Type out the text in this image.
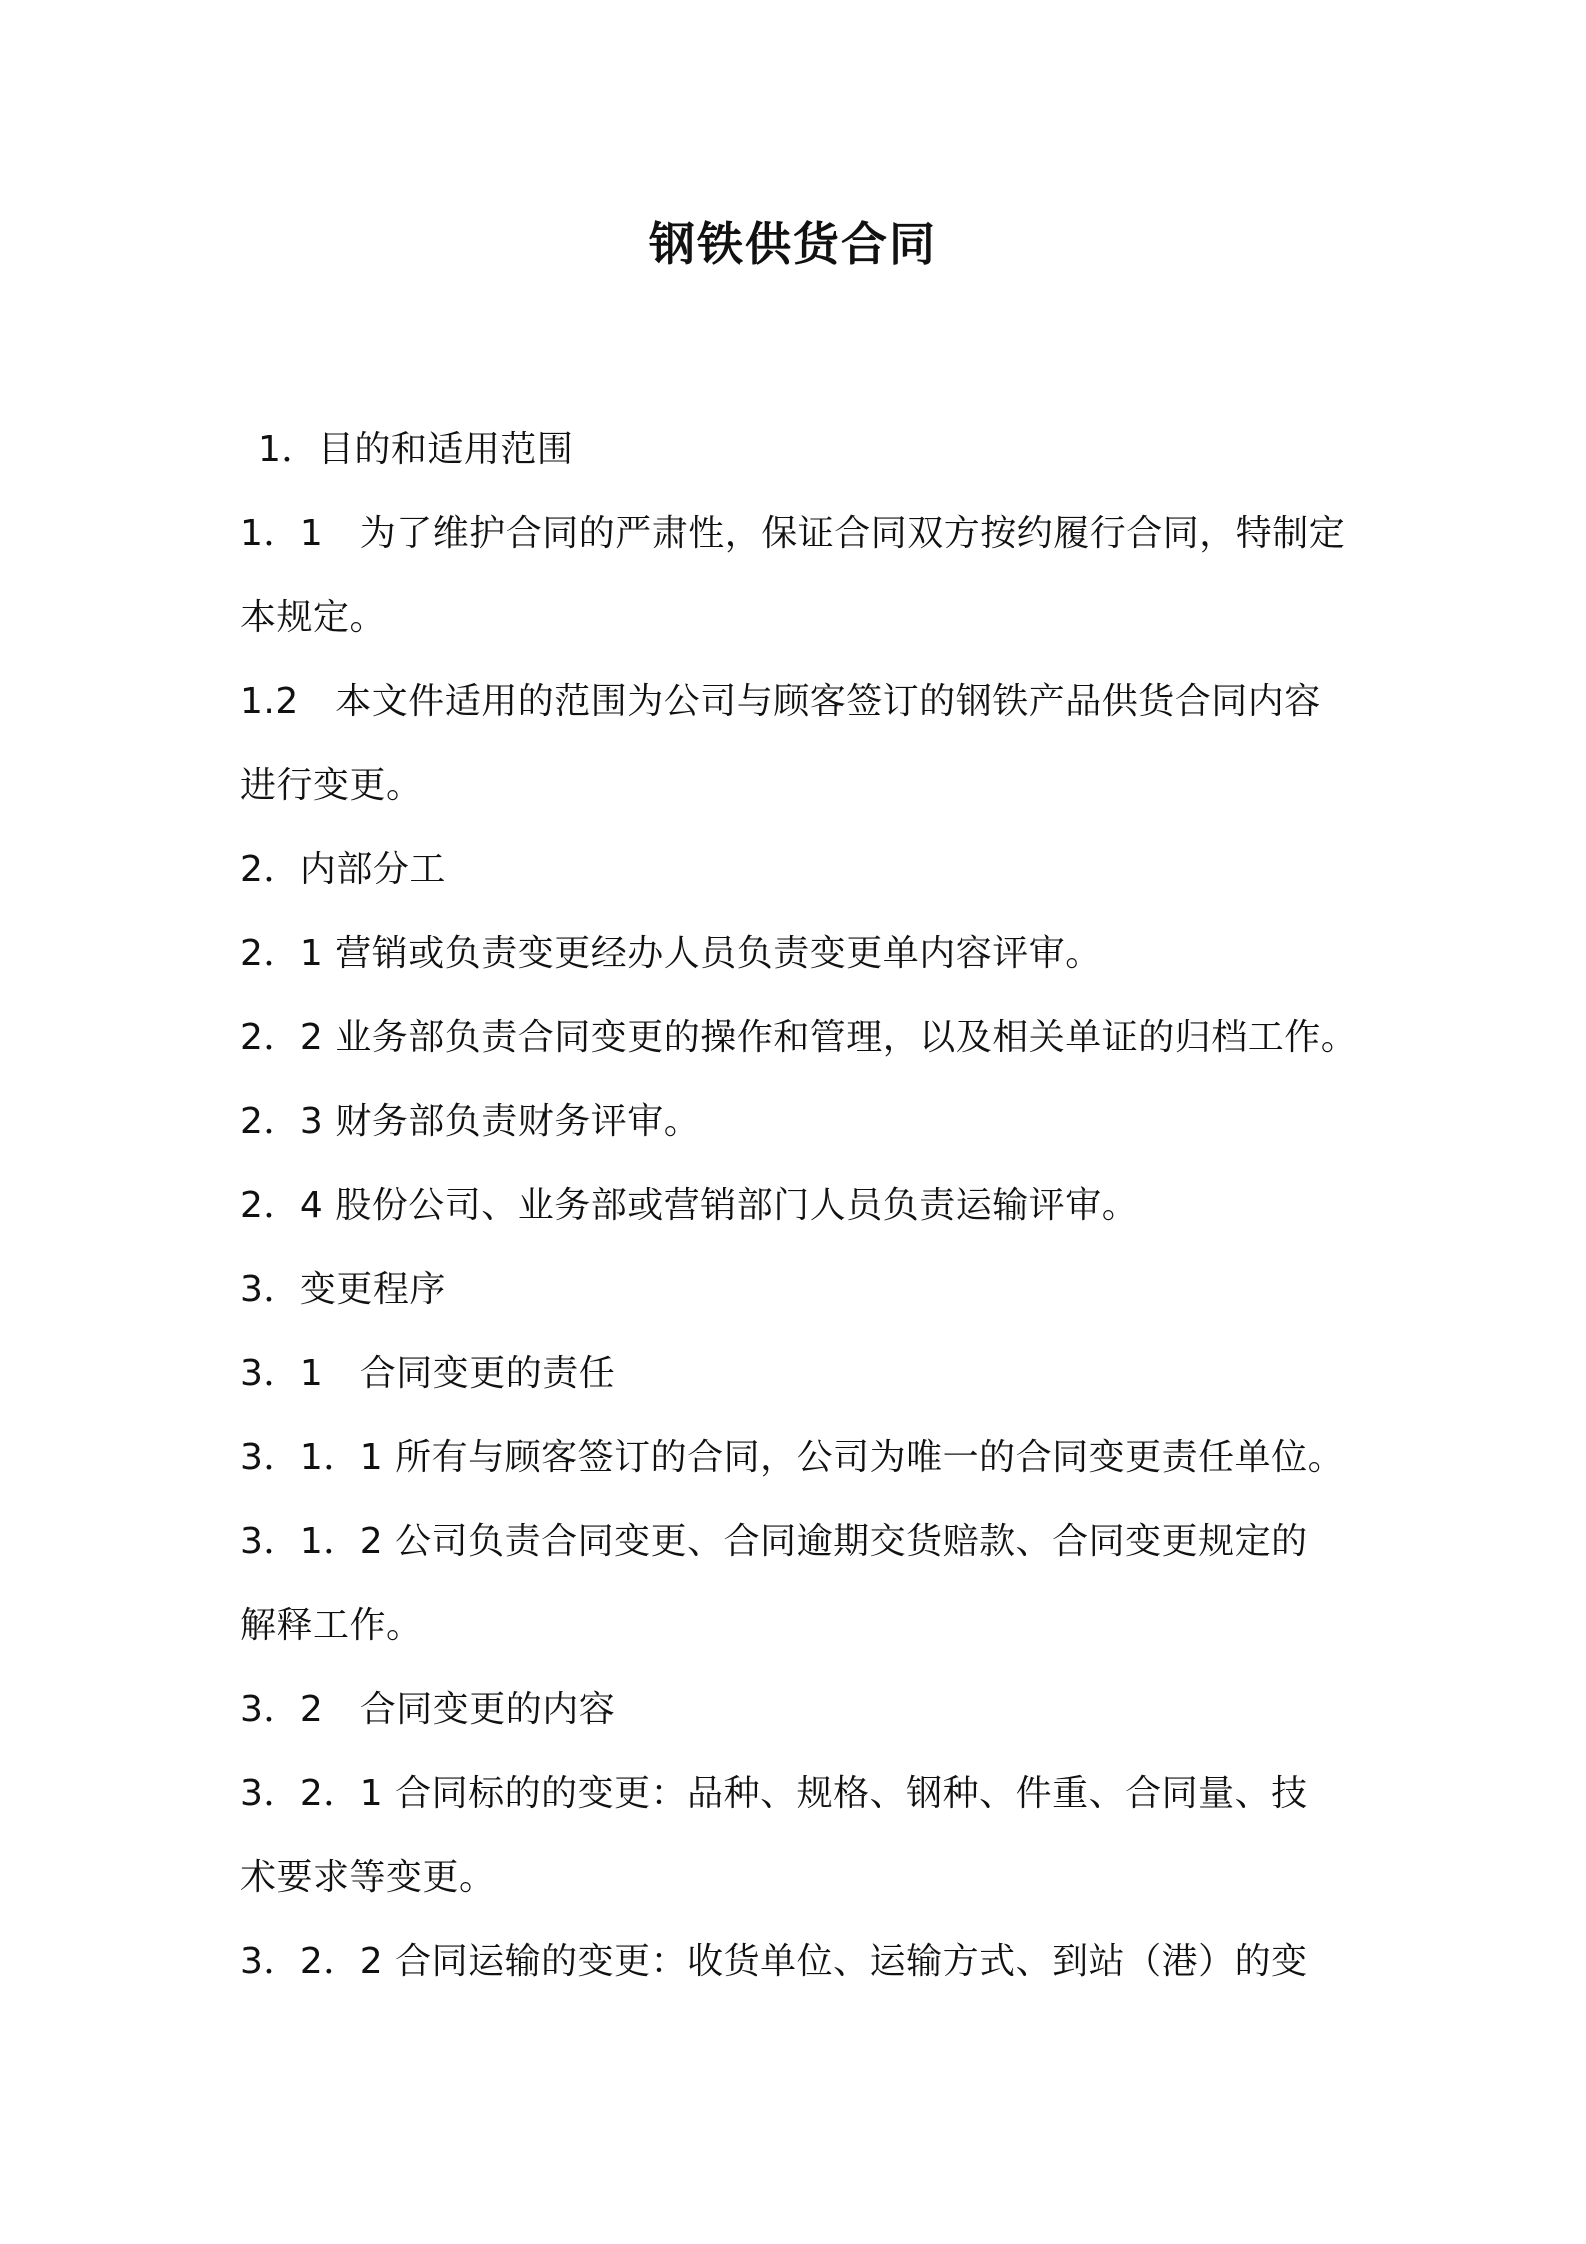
钢铁供货合同
1．目的和适用范围
1．1　为了维护合同的严肃性，保证合同双方按约履行合同，特制定
本规定。
1.2　本文件适用的范围为公司与顾客签订的钢铁产品供货合同内容
进行变更。
2．内部分工
2．1 营销或负责变更经办人员负责变更单内容评审。
2．2 业务部负责合同变更的操作和管理，以及相关单证的归档工作。
2．3 财务部负责财务评审。
2．4 股份公司、业务部或营销部门人员负责运输评审。
3．变更程序
3．1　合同变更的责任
3．1．1 所有与顾客签订的合同，公司为唯一的合同变更责任单位。
3．1．2 公司负责合同变更、合同逾期交货赔款、合同变更规定的
解释工作。
3．2　合同变更的内容
3．2．1 合同标的的变更：品种、规格、钢种、件重、合同量、技
术要求等变更。
3．2．2 合同运输的变更：收货单位、运输方式、到站（港）的变
